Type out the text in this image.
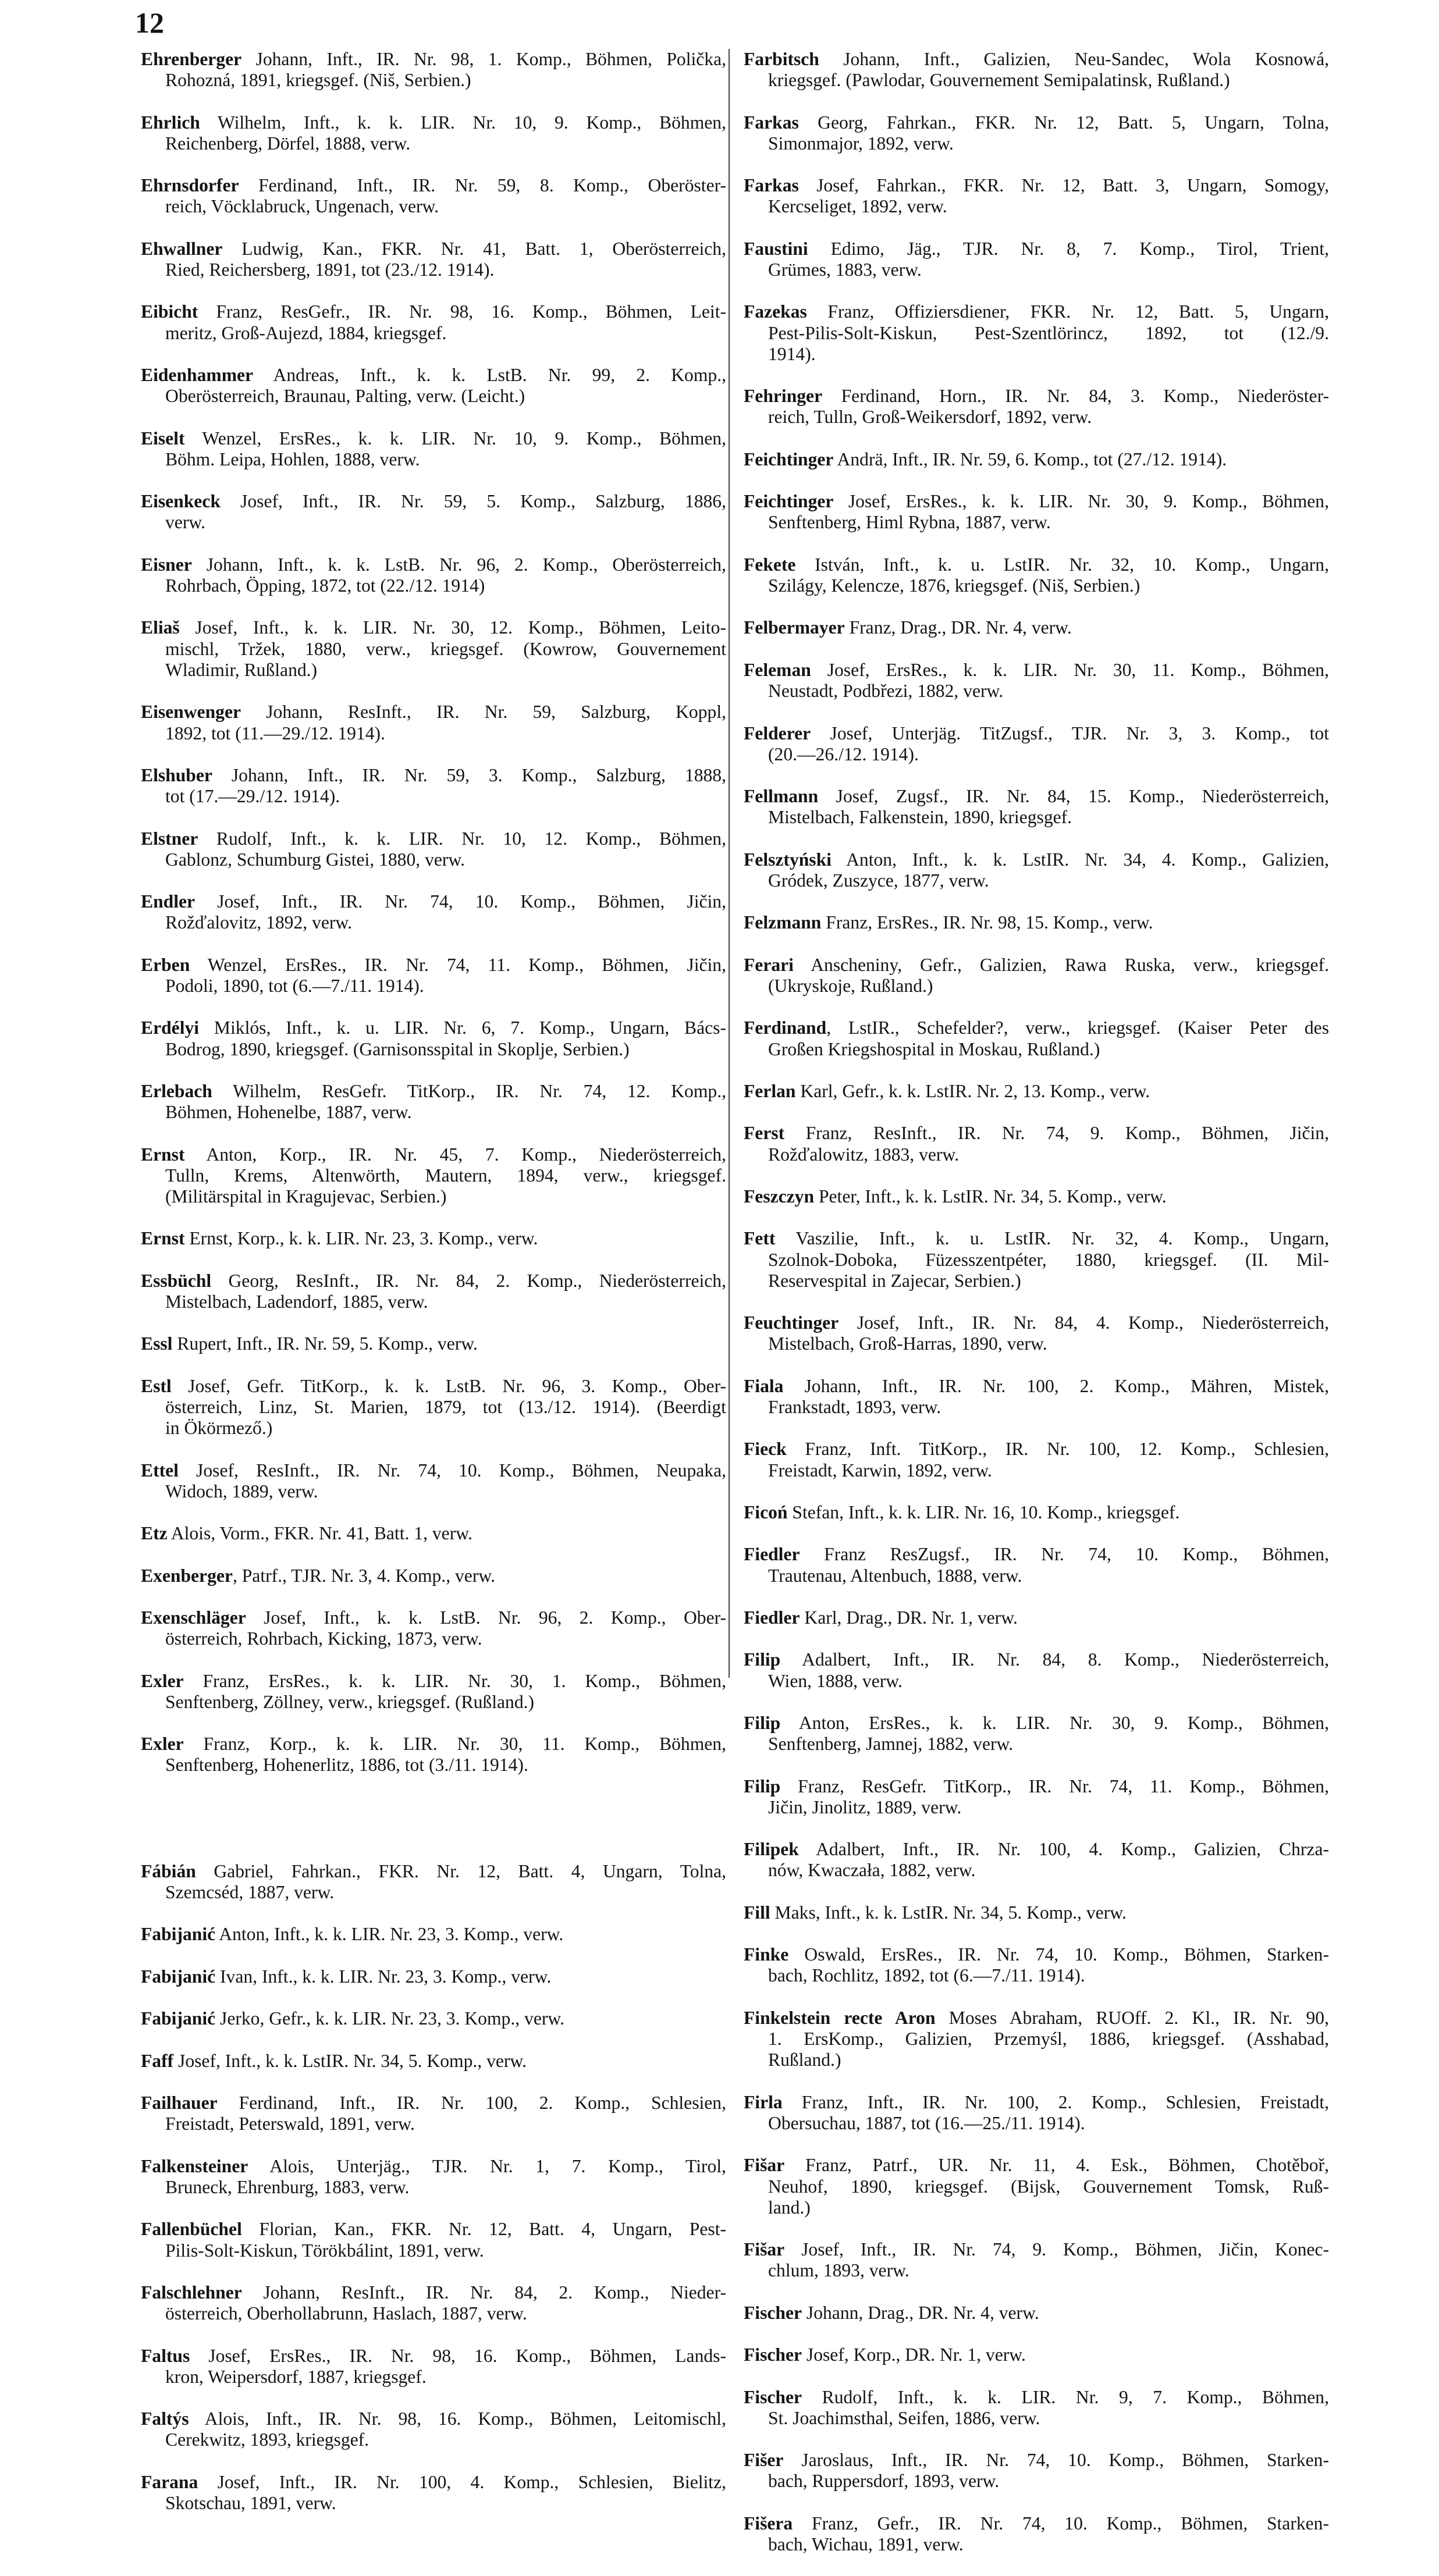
12
Ehrenberger Johann, Inft., IR. Nr. 98, 1. Komp., Böhmen, Polička,
Rohozná, 1891, kriegsgef. (Niš, Serbien.)
Ehrlich Wilhelm, Inft., k. k. LIR. Nr. 10, 9. Komp., Böhmen,
Reichenberg, Dörfel, 1888, verw.
Ehrnsdorfer Ferdinand, Inft., IR. Nr. 59, 8. Komp., Oberöster-
reich, Vöcklabruck, Ungenach, verw.
Ehwallner Ludwig, Kan., FKR. Nr. 41, Batt. 1, Oberösterreich,
Ried, Reichersberg, 1891, tot (23./12. 1914).
Eibicht Franz, ResGefr., IR. Nr. 98, 16. Komp., Böhmen, Leit-
meritz, Groß-Aujezd, 1884, kriegsgef.
Eidenhammer Andreas, Inft., k. k. LstB. Nr. 99, 2. Komp.,
Oberösterreich, Braunau, Palting, verw. (Leicht.)
Eiselt Wenzel, ErsRes., k. k. LIR. Nr. 10, 9. Komp., Böhmen,
Böhm. Leipa, Hohlen, 1888, verw.
Eisenkeck Josef, Inft., IR. Nr. 59, 5. Komp., Salzburg, 1886,
verw.
Eisner Johann, Inft., k. k. LstB. Nr. 96, 2. Komp., Oberösterreich,
Rohrbach, Öpping, 1872, tot (22./12. 1914)
Eliaš Josef, Inft., k. k. LIR. Nr. 30, 12. Komp., Böhmen, Leito-
mischl, Tržek, 1880, verw., kriegsgef. (Kowrow, Gouvernement
Wladimir, Rußland.)
Eisenwenger Johann, ResInft., IR. Nr. 59, Salzburg, Koppl,
1892, tot (11.—29./12. 1914).
Elshuber Johann, Inft., IR. Nr. 59, 3. Komp., Salzburg, 1888,
tot (17.—29./12. 1914).
Elstner Rudolf, Inft., k. k. LIR. Nr. 10, 12. Komp., Böhmen,
Gablonz, Schumburg Gistei, 1880, verw.
Endler Josef, Inft., IR. Nr. 74, 10. Komp., Böhmen, Jičin,
Rožďalovitz, 1892, verw.
Erben Wenzel, ErsRes., IR. Nr. 74, 11. Komp., Böhmen, Jičin,
Podoli, 1890, tot (6.—7./11. 1914).
Erdélyi Miklós, Inft., k. u. LIR. Nr. 6, 7. Komp., Ungarn, Bács-
Bodrog, 1890, kriegsgef. (Garnisonsspital in Skoplje, Serbien.)
Erlebach Wilhelm, ResGefr. TitKorp., IR. Nr. 74, 12. Komp.,
Böhmen, Hohenelbe, 1887, verw.
Ernst Anton, Korp., IR. Nr. 45, 7. Komp., Niederösterreich,
Tulln, Krems, Altenwörth, Mautern, 1894, verw., kriegsgef.
(Militärspital in Kragujevac, Serbien.)
Ernst Ernst, Korp., k. k. LIR. Nr. 23, 3. Komp., verw.
Essbüchl Georg, ResInft., IR. Nr. 84, 2. Komp., Niederösterreich,
Mistelbach, Ladendorf, 1885, verw.
Essl Rupert, Inft., IR. Nr. 59, 5. Komp., verw.
Estl Josef, Gefr. TitKorp., k. k. LstB. Nr. 96, 3. Komp., Ober-
österreich, Linz, St. Marien, 1879, tot (13./12. 1914). (Beerdigt
in Ökörmező.)
Ettel Josef, ResInft., IR. Nr. 74, 10. Komp., Böhmen, Neupaka,
Widoch, 1889, verw.
Etz Alois, Vorm., FKR. Nr. 41, Batt. 1, verw.
Exenberger, Patrf., TJR. Nr. 3, 4. Komp., verw.
Exenschläger Josef, Inft., k. k. LstB. Nr. 96, 2. Komp., Ober-
österreich, Rohrbach, Kicking, 1873, verw.
Exler Franz, ErsRes., k. k. LIR. Nr. 30, 1. Komp., Böhmen,
Senftenberg, Zöllney, verw., kriegsgef. (Rußland.)
Exler Franz, Korp., k. k. LIR. Nr. 30, 11. Komp., Böhmen,
Senftenberg, Hohenerlitz, 1886, tot (3./11. 1914).
Fábián Gabriel, Fahrkan., FKR. Nr. 12, Batt. 4, Ungarn, Tolna,
Szemcséd, 1887, verw.
Fabijanić Anton, Inft., k. k. LIR. Nr. 23, 3. Komp., verw.
Fabijanić Ivan, Inft., k. k. LIR. Nr. 23, 3. Komp., verw.
Fabijanić Jerko, Gefr., k. k. LIR. Nr. 23, 3. Komp., verw.
Faff Josef, Inft., k. k. LstIR. Nr. 34, 5. Komp., verw.
Failhauer Ferdinand, Inft., IR. Nr. 100, 2. Komp., Schlesien,
Freistadt, Peterswald, 1891, verw.
Falkensteiner Alois, Unterjäg., TJR. Nr. 1, 7. Komp., Tirol,
Bruneck, Ehrenburg, 1883, verw.
Fallenbüchel Florian, Kan., FKR. Nr. 12, Batt. 4, Ungarn, Pest-
Pilis-Solt-Kiskun, Törökbálint, 1891, verw.
Falschlehner Johann, ResInft., IR. Nr. 84, 2. Komp., Nieder-
österreich, Oberhollabrunn, Haslach, 1887, verw.
Faltus Josef, ErsRes., IR. Nr. 98, 16. Komp., Böhmen, Lands-
kron, Weipersdorf, 1887, kriegsgef.
Faltýs Alois, Inft., IR. Nr. 98, 16. Komp., Böhmen, Leitomischl,
Cerekwitz, 1893, kriegsgef.
Farana Josef, Inft., IR. Nr. 100, 4. Komp., Schlesien, Bielitz,
Skotschau, 1891, verw.
Farbitsch Johann, Inft., Galizien, Neu-Sandec, Wola Kosnowá,
kriegsgef. (Pawlodar, Gouvernement Semipalatinsk, Rußland.)
Farkas Georg, Fahrkan., FKR. Nr. 12, Batt. 5, Ungarn, Tolna,
Simonmajor, 1892, verw.
Farkas Josef, Fahrkan., FKR. Nr. 12, Batt. 3, Ungarn, Somogy,
Kercseliget, 1892, verw.
Faustini Edimo, Jäg., TJR. Nr. 8, 7. Komp., Tirol, Trient,
Grümes, 1883, verw.
Fazekas Franz, Offiziersdiener, FKR. Nr. 12, Batt. 5, Ungarn,
Pest-Pilis-Solt-Kiskun, Pest-Szentlörincz, 1892, tot (12./9.
1914).
Fehringer Ferdinand, Horn., IR. Nr. 84, 3. Komp., Niederöster-
reich, Tulln, Groß-Weikersdorf, 1892, verw.
Feichtinger Andrä, Inft., IR. Nr. 59, 6. Komp., tot (27./12. 1914).
Feichtinger Josef, ErsRes., k. k. LIR. Nr. 30, 9. Komp., Böhmen,
Senftenberg, Himl Rybna, 1887, verw.
Fekete István, Inft., k. u. LstIR. Nr. 32, 10. Komp., Ungarn,
Szilágy, Kelencze, 1876, kriegsgef. (Niš, Serbien.)
Felbermayer Franz, Drag., DR. Nr. 4, verw.
Feleman Josef, ErsRes., k. k. LIR. Nr. 30, 11. Komp., Böhmen,
Neustadt, Podbřezi, 1882, verw.
Felderer Josef, Unterjäg. TitZugsf., TJR. Nr. 3, 3. Komp., tot
(20.—26./12. 1914).
Fellmann Josef, Zugsf., IR. Nr. 84, 15. Komp., Niederösterreich,
Mistelbach, Falkenstein, 1890, kriegsgef.
Felsztyński Anton, Inft., k. k. LstIR. Nr. 34, 4. Komp., Galizien,
Gródek, Zuszyce, 1877, verw.
Felzmann Franz, ErsRes., IR. Nr. 98, 15. Komp., verw.
Ferari Anscheniny, Gefr., Galizien, Rawa Ruska, verw., kriegsgef.
(Ukryskoje, Rußland.)
Ferdinand, LstIR., Schefelder?, verw., kriegsgef. (Kaiser Peter des
Großen Kriegshospital in Moskau, Rußland.)
Ferlan Karl, Gefr., k. k. LstIR. Nr. 2, 13. Komp., verw.
Ferst Franz, ResInft., IR. Nr. 74, 9. Komp., Böhmen, Jičin,
Rožďalowitz, 1883, verw.
Feszczyn Peter, Inft., k. k. LstIR. Nr. 34, 5. Komp., verw.
Fett Vaszilie, Inft., k. u. LstIR. Nr. 32, 4. Komp., Ungarn,
Szolnok-Doboka, Füzesszentpéter, 1880, kriegsgef. (II. Mil-
Reservespital in Zajecar, Serbien.)
Feuchtinger Josef, Inft., IR. Nr. 84, 4. Komp., Niederösterreich,
Mistelbach, Groß-Harras, 1890, verw.
Fiala Johann, Inft., IR. Nr. 100, 2. Komp., Mähren, Mistek,
Frankstadt, 1893, verw.
Fieck Franz, Inft. TitKorp., IR. Nr. 100, 12. Komp., Schlesien,
Freistadt, Karwin, 1892, verw.
Ficoń Stefan, Inft., k. k. LIR. Nr. 16, 10. Komp., kriegsgef.
Fiedler Franz ResZugsf., IR. Nr. 74, 10. Komp., Böhmen,
Trautenau, Altenbuch, 1888, verw.
Fiedler Karl, Drag., DR. Nr. 1, verw.
Filip Adalbert, Inft., IR. Nr. 84, 8. Komp., Niederösterreich,
Wien, 1888, verw.
Filip Anton, ErsRes., k. k. LIR. Nr. 30, 9. Komp., Böhmen,
Senftenberg, Jamnej, 1882, verw.
Filip Franz, ResGefr. TitKorp., IR. Nr. 74, 11. Komp., Böhmen,
Jičin, Jinolitz, 1889, verw.
Filipek Adalbert, Inft., IR. Nr. 100, 4. Komp., Galizien, Chrza-
nów, Kwaczała, 1882, verw.
Fill Maks, Inft., k. k. LstIR. Nr. 34, 5. Komp., verw.
Finke Oswald, ErsRes., IR. Nr. 74, 10. Komp., Böhmen, Starken-
bach, Rochlitz, 1892, tot (6.—7./11. 1914).
Finkelstein recte Aron Moses Abraham, RUOff. 2. Kl., IR. Nr. 90,
1. ErsKomp., Galizien, Przemyśl, 1886, kriegsgef. (Asshabad,
Rußland.)
Firla Franz, Inft., IR. Nr. 100, 2. Komp., Schlesien, Freistadt,
Obersuchau, 1887, tot (16.—25./11. 1914).
Fišar Franz, Patrf., UR. Nr. 11, 4. Esk., Böhmen, Chotěboř,
Neuhof, 1890, kriegsgef. (Bijsk, Gouvernement Tomsk, Ruß-
land.)
Fišar Josef, Inft., IR. Nr. 74, 9. Komp., Böhmen, Jičin, Konec-
chlum, 1893, verw.
Fischer Johann, Drag., DR. Nr. 4, verw.
Fischer Josef, Korp., DR. Nr. 1, verw.
Fischer Rudolf, Inft., k. k. LIR. Nr. 9, 7. Komp., Böhmen,
St. Joachimsthal, Seifen, 1886, verw.
Fišer Jaroslaus, Inft., IR. Nr. 74, 10. Komp., Böhmen, Starken-
bach, Ruppersdorf, 1893, verw.
Fišera Franz, Gefr., IR. Nr. 74, 10. Komp., Böhmen, Starken-
bach, Wichau, 1891, verw.
